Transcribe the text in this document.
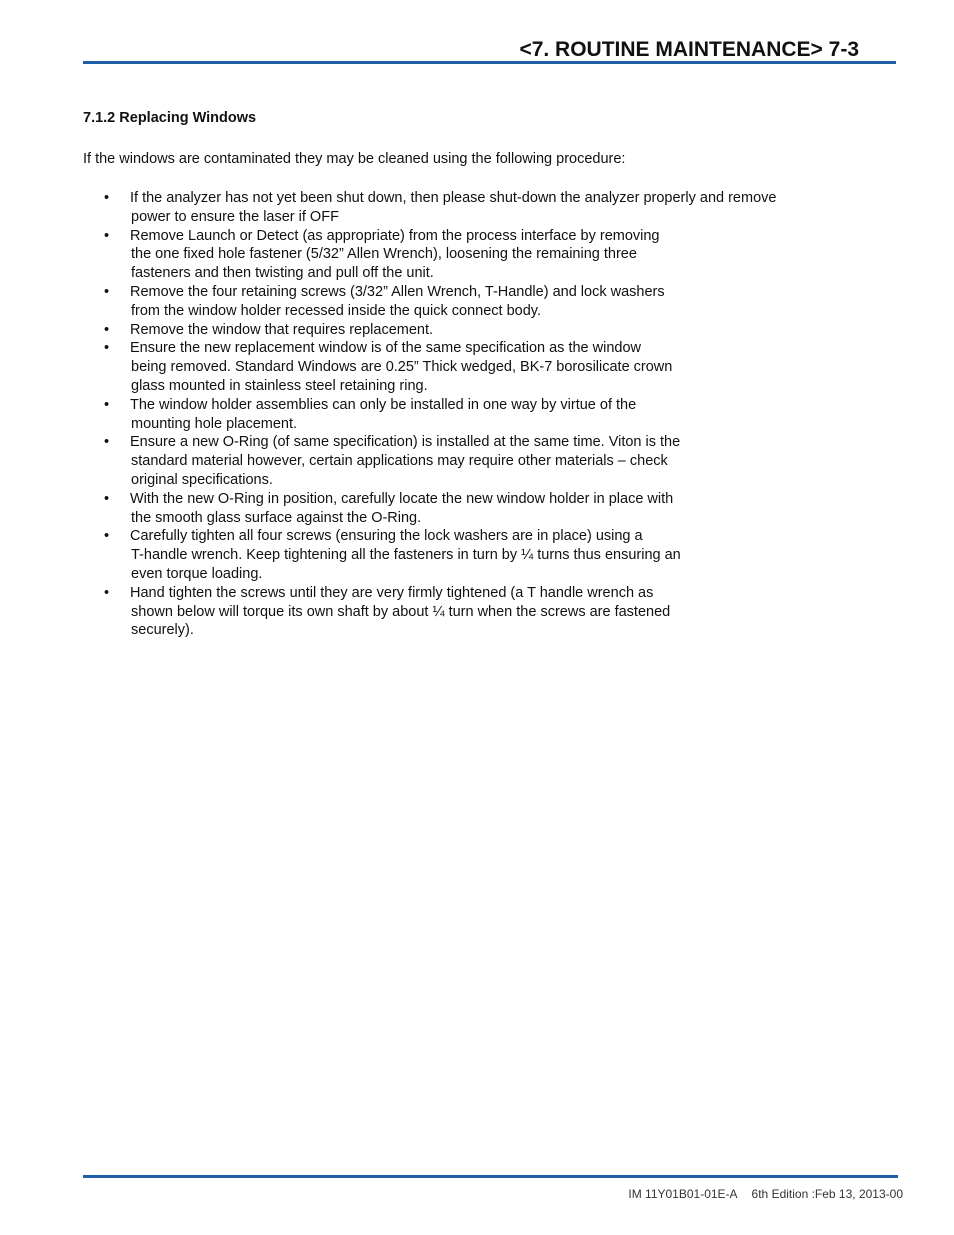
<7. ROUTINE MAINTENANCE> 7-3
7.1.2 Replacing Windows
If the windows are contaminated they may be cleaned using the following procedure:
• If the analyzer has not yet been shut down, then please shut-down the analyzer properly and remove
power to ensure the laser if OFF
• Remove Launch or Detect (as appropriate) from the process interface by removing
the one fixed hole fastener (5/32” Allen Wrench), loosening the remaining three
fasteners and then twisting and pull off the unit.
• Remove the four retaining screws (3/32” Allen Wrench, T-Handle) and lock washers
from the window holder recessed inside the quick connect body.
• Remove the window that requires replacement.
• Ensure the new replacement window is of the same specification as the window
being removed. Standard Windows are 0.25” Thick wedged, BK-7 borosilicate crown
glass mounted in stainless steel retaining ring.
• The window holder assemblies can only be installed in one way by virtue of the
mounting hole placement.
• Ensure a new O-Ring (of same specification) is installed at the same time. Viton is the
standard material however, certain applications may require other materials – check
original specifications.
• With the new O-Ring in position, carefully locate the new window holder in place with
the smooth glass surface against the O-Ring.
• Carefully tighten all four screws (ensuring the lock washers are in place) using a
T-handle wrench. Keep tightening all the fasteners in turn by ¼ turns thus ensuring an
even torque loading.
• Hand tighten the screws until they are very firmly tightened (a T handle wrench as
shown below will torque its own shaft by about ¼ turn when the screws are fastened
securely).
IM 11Y01B01-01E-A 6th Edition :Feb 13, 2013-00
